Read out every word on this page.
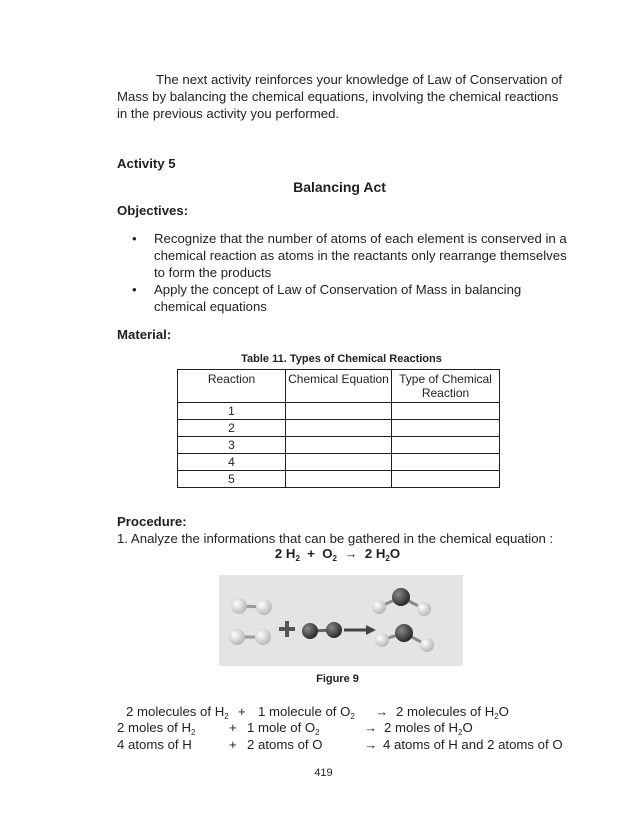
The next activity reinforces your knowledge of Law of Conservation of Mass by balancing the chemical equations, involving the chemical reactions in the previous activity you performed.
Activity 5
Balancing Act
Objectives:
• Recognize that the number of atoms of each element is conserved in a chemical reaction as atoms in the reactants only rearrange themselves to form the products
• Apply the concept of Law of Conservation of Mass in balancing chemical equations
Material:
Table 11. Types of Chemical Reactions
Reaction	Chemical Equation	Type of Chemical Reaction
1		
2		
3		
4		
5		
Procedure:
1. Analyze the informations that can be gathered in the chemical equation :
2 $H_2 + O_2 \to 2$ $H_2O$
Figure 9
2 molecules of $H_2 + 1$ molecule of $O_2 \to 2$ molecules of $H_2O$
2 moles of $H_2$	+ 1 mole of $O_2$	→ 2 moles of $H_2O$
4 atoms of H	+ 2 atoms of O	→ 4 atoms of H and 2 atoms of O
419
